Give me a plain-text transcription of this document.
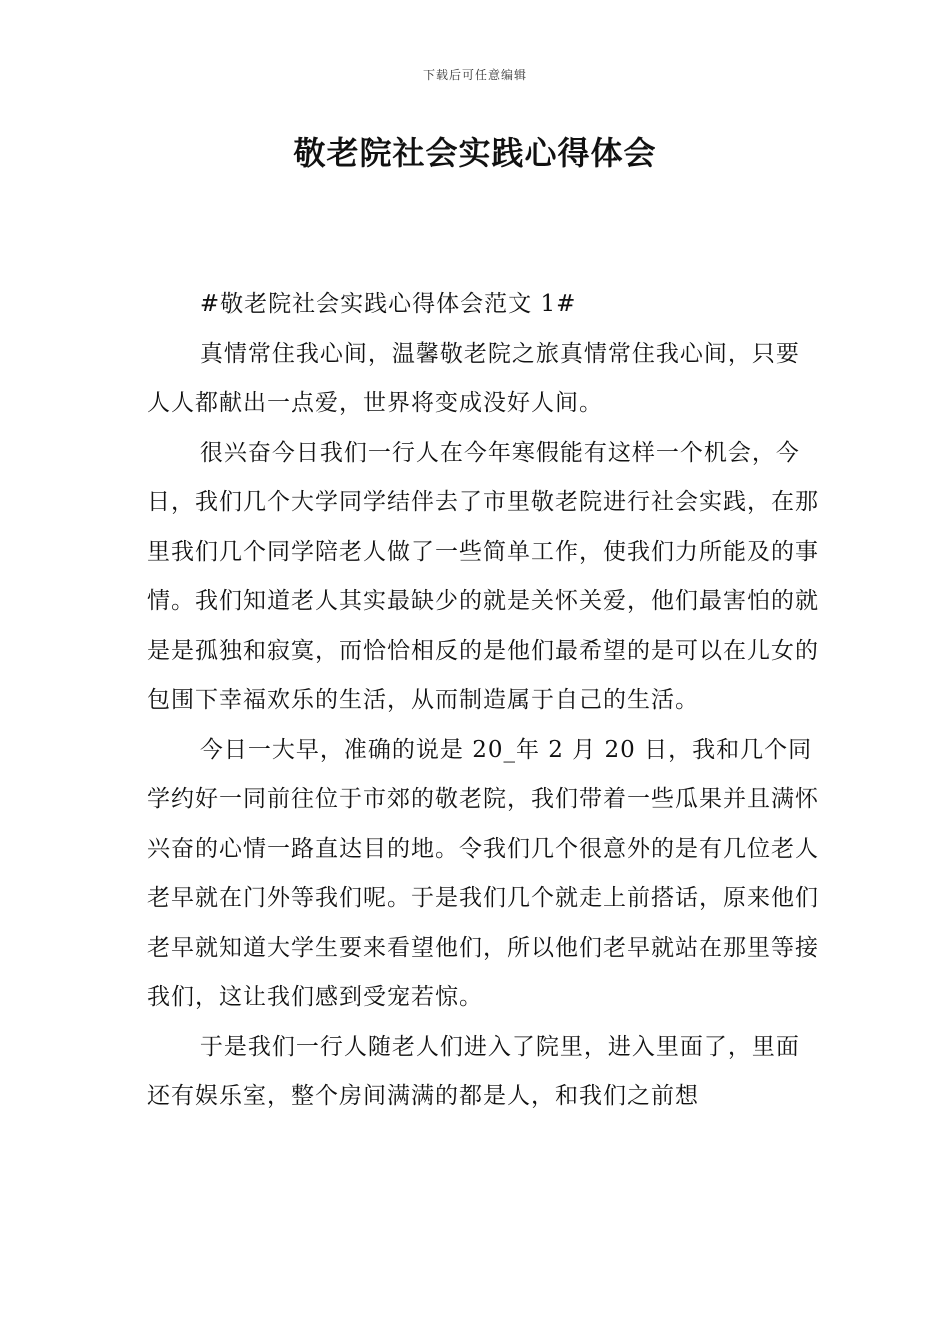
下载后可任意编辑
敬老院社会实践心得体会

#敬老院社会实践心得体会范文 1#

真情常住我心间，温馨敬老院之旅真情常住我心间，只要人人都献出一点爱，世界将变成没好人间。

很兴奋今日我们一行人在今年寒假能有这样一个机会，今日，我们几个大学同学结伴去了市里敬老院进行社会实践，在那里我们几个同学陪老人做了一些简单工作，使我们力所能及的事情。我们知道老人其实最缺少的就是关怀关爱，他们最害怕的就是是孤独和寂寞，而恰恰相反的是他们最希望的是可以在儿女的包围下幸福欢乐的生活，从而制造属于自己的生活。

今日一大早，准确的说是 20_年 2 月 20 日，我和几个同学约好一同前往位于市郊的敬老院，我们带着一些瓜果并且满怀兴奋的心情一路直达目的地。令我们几个很意外的是有几位老人老早就在门外等我们呢。于是我们几个就走上前搭话，原来他们老早就知道大学生要来看望他们，所以他们老早就站在那里等接我们，这让我们感到受宠若惊。

于是我们一行人随老人们进入了院里，进入里面了，里面还有娱乐室，整个房间满满的都是人，和我们之前想
